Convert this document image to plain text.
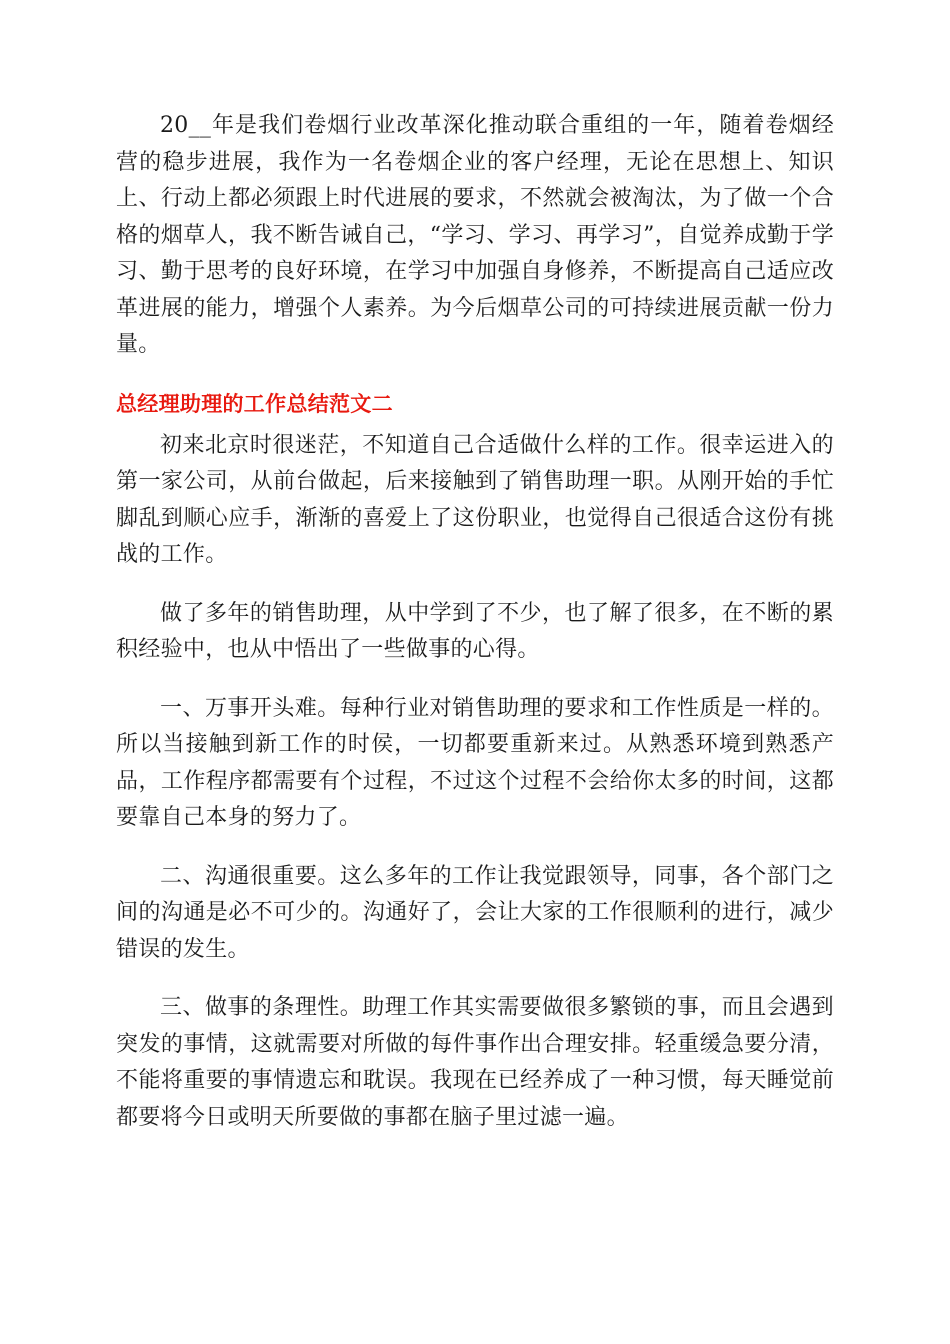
20__年是我们卷烟行业改革深化推动联合重组的一年，随着卷烟经营的稳步进展，我作为一名卷烟企业的客户经理，无论在思想上、知识上、行动上都必须跟上时代进展的要求，不然就会被淘汰，为了做一个合格的烟草人，我不断告诫自己，“学习、学习、再学习”，自觉养成勤于学习、勤于思考的良好环境，在学习中加强自身修养，不断提高自己适应改革进展的能力，增强个人素养。为今后烟草公司的可持续进展贡献一份力量。

总经理助理的工作总结范文二

初来北京时很迷茫，不知道自己合适做什么样的工作。很幸运进入的第一家公司，从前台做起，后来接触到了销售助理一职。从刚开始的手忙脚乱到顺心应手，渐渐的喜爱上了这份职业，也觉得自己很适合这份有挑战的工作。

做了多年的销售助理，从中学到了不少，也了解了很多，在不断的累积经验中，也从中悟出了一些做事的心得。

一、万事开头难。每种行业对销售助理的要求和工作性质是一样的。所以当接触到新工作的时侯，一切都要重新来过。从熟悉环境到熟悉产品，工作程序都需要有个过程，不过这个过程不会给你太多的时间，这都要靠自己本身的努力了。

二、沟通很重要。这么多年的工作让我觉跟领导，同事，各个部门之间的沟通是必不可少的。沟通好了，会让大家的工作很顺利的进行，减少错误的发生。

三、做事的条理性。助理工作其实需要做很多繁锁的事，而且会遇到突发的事情，这就需要对所做的每件事作出合理安排。轻重缓急要分清，不能将重要的事情遗忘和耽误。我现在已经养成了一种习惯，每天睡觉前都要将今日或明天所要做的事都在脑子里过滤一遍。
